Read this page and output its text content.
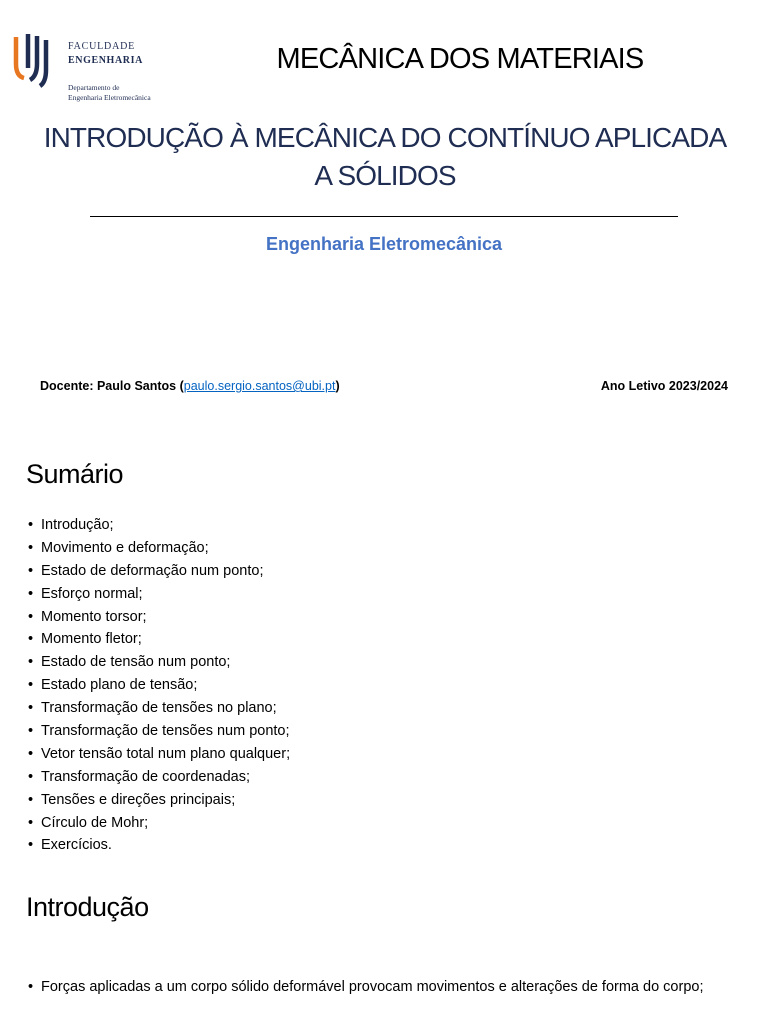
FACULDADE
ENGENHARIA
Departamento de
Engenharia Eletromecânica
MECÂNICA DOS MATERIAIS
INTRODUÇÃO À MECÂNICA DO CONTÍNUO APLICADA A SÓLIDOS
Engenharia Eletromecânica
Docente: Paulo Santos (paulo.sergio.santos@ubi.pt)	Ano Letivo 2023/2024
Sumário
• Introdução;
• Movimento e deformação;
• Estado de deformação num ponto;
• Esforço normal;
• Momento torsor;
• Momento fletor;
• Estado de tensão num ponto;
• Estado plano de tensão;
• Transformação de tensões no plano;
• Transformação de tensões num ponto;
• Vetor tensão total num plano qualquer;
• Transformação de coordenadas;
• Tensões e direções principais;
• Círculo de Mohr;
• Exercícios.
Introdução
• Forças aplicadas a um corpo sólido deformável provocam movimentos e alterações de forma do corpo;
